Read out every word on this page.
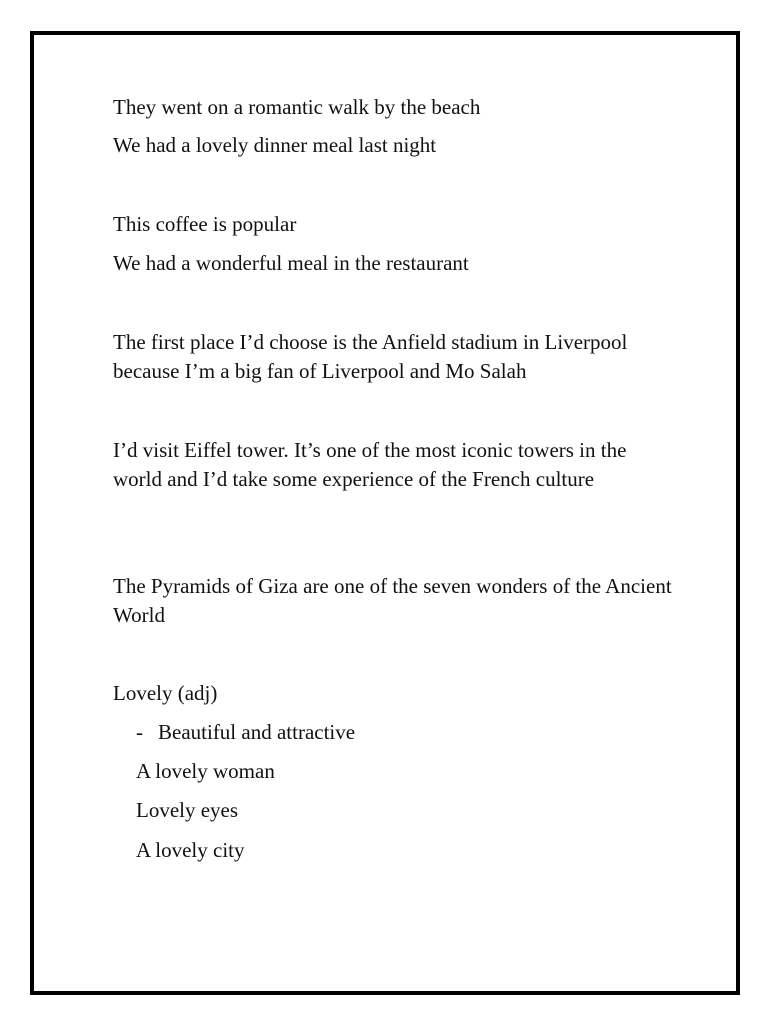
They went on a romantic walk by the beach
We had a lovely dinner meal last night
This coffee is popular
We had a wonderful meal in the restaurant
The first place I’d choose is the Anfield stadium in Liverpool because I’m a big fan of Liverpool and Mo Salah
I’d visit Eiffel tower. It’s one of the most iconic towers in the world and I’d take some experience of the French culture
The Pyramids of Giza are one of the seven wonders of the Ancient World
Lovely (adj)
- Beautiful and attractive
A lovely woman
Lovely eyes
A lovely city
